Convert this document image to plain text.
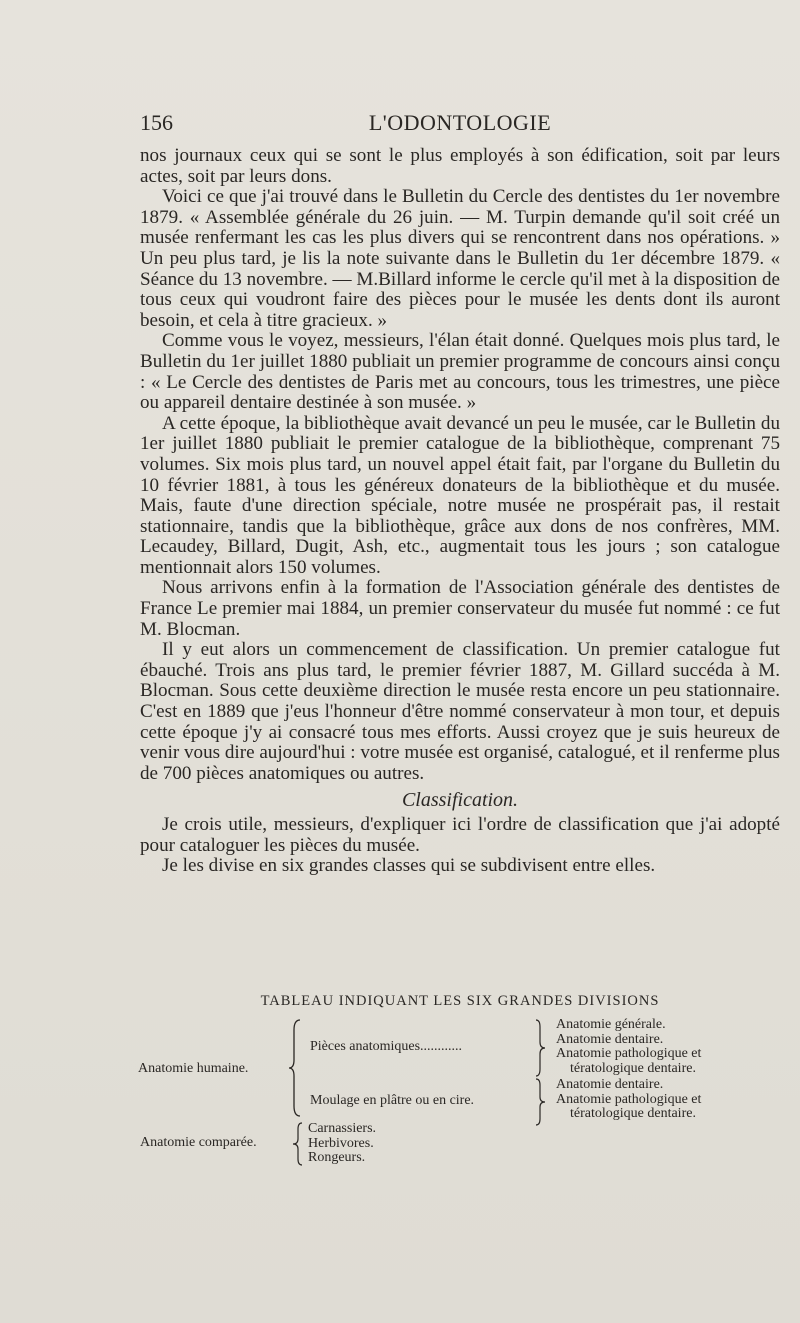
156	L'ODONTOLOGIE

nos journaux ceux qui se sont le plus employés à son édification, soit par leurs actes, soit par leurs dons.

Voici ce que j'ai trouvé dans le Bulletin du Cercle des dentistes du 1er novembre 1879. « Assemblée générale du 26 juin. — M. Turpin demande qu'il soit créé un musée renfermant les cas les plus divers qui se rencontrent dans nos opérations. » Un peu plus tard, je lis la note suivante dans le Bulletin du 1er décembre 1879. « Séance du 13 novembre. — M.Billard informe le cercle qu'il met à la disposition de tous ceux qui voudront faire des pièces pour le musée les dents dont ils auront besoin, et cela à titre gracieux. »

Comme vous le voyez, messieurs, l'élan était donné. Quelques mois plus tard, le Bulletin du 1er juillet 1880 publiait un premier programme de concours ainsi conçu : « Le Cercle des dentistes de Paris met au concours, tous les trimestres, une pièce ou appareil dentaire destinée à son musée. »

A cette époque, la bibliothèque avait devancé un peu le musée, car le Bulletin du 1er juillet 1880 publiait le premier catalogue de la bibliothèque, comprenant 75 volumes. Six mois plus tard, un nouvel appel était fait, par l'organe du Bulletin du 10 février 1881, à tous les généreux donateurs de la bibliothèque et du musée. Mais, faute d'une direction spéciale, notre musée ne prospérait pas, il restait stationnaire, tandis que la bibliothèque, grâce aux dons de nos confrères, MM. Lecaudey, Billard, Dugit, Ash, etc., augmentait tous les jours ; son catalogue mentionnait alors 150 volumes.

Nous arrivons enfin à la formation de l'Association générale des dentistes de France Le premier mai 1884, un premier conservateur du musée fut nommé : ce fut M. Blocman.

Il y eut alors un commencement de classification. Un premier catalogue fut ébauché. Trois ans plus tard, le premier février 1887, M. Gillard succéda à M. Blocman. Sous cette deuxième direction le musée resta encore un peu stationnaire. C'est en 1889 que j'eus l'honneur d'être nommé conservateur à mon tour, et depuis cette époque j'y ai consacré tous mes efforts. Aussi croyez que je suis heureux de venir vous dire aujourd'hui : votre musée est organisé, catalogué, et il renferme plus de 700 pièces anatomiques ou autres.

Classification.

Je crois utile, messieurs, d'expliquer ici l'ordre de classification que j'ai adopté pour cataloguer les pièces du musée.

Je les divise en six grandes classes qui se subdivisent entre elles.

TABLEAU INDIQUANT LES SIX GRANDES DIVISIONS
Anatomie humaine.
Pièces anatomiques............
Anatomie générale.
Anatomie dentaire.
Anatomie pathologique et
tératologique dentaire.
Moulage en plâtre ou en cire.
Anatomie dentaire.
Anatomie pathologique et
tératologique dentaire.
Anatomie comparée.
Carnassiers.
Herbivores.
Rongeurs.
